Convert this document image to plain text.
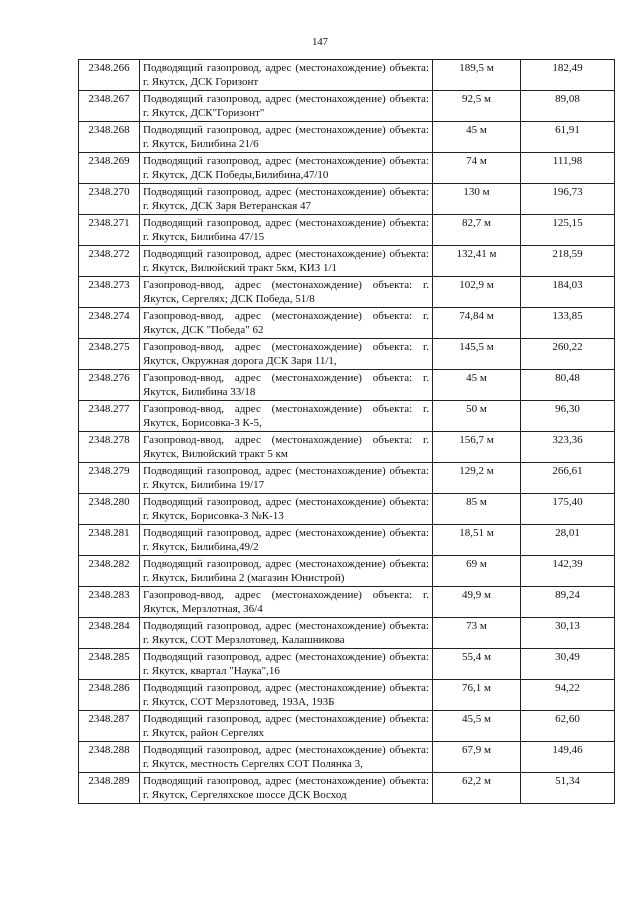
147
2348.266	Подводящий газопровод, адрес (местонахождение) объекта: г. Якутск, ДСК Горизонт	189,5 м	182,49
2348.267	Подводящий газопровод, адрес (местонахождение) объекта: г. Якутск, ДСК"Горизонт"	92,5 м	89,08
2348.268	Подводящий газопровод, адрес (местонахождение) объекта: г. Якутск, Билибина 21/6	45 м	61,91
2348.269	Подводящий газопровод, адрес (местонахождение) объекта: г. Якутск, ДСК Победы,Билибина,47/10	74 м	111,98
2348.270	Подводящий газопровод, адрес (местонахождение) объекта: г. Якутск, ДСК Заря Ветеранская 47	130 м	196,73
2348.271	Подводящий газопровод, адрес (местонахождение) объекта: г. Якутск, Билибина 47/15	82,7 м	125,15
2348.272	Подводящий газопровод, адрес (местонахождение) объекта: г. Якутск, Вилюйский тракт 5км, КИЗ 1/1	132,41 м	218,59
2348.273	Газопровод-ввод, адрес (местонахождение) объекта: г. Якутск, Сергелях; ДСК Победа, 51/8	102,9 м	184,03
2348.274	Газопровод-ввод, адрес (местонахождение) объекта: г. Якутск, ДСК "Победа" 62	74,84 м	133,85
2348.275	Газопровод-ввод, адрес (местонахождение) объекта: г. Якутск, Окружная дорога ДСК Заря 11/1,	145,5 м	260,22
2348.276	Газопровод-ввод, адрес (местонахождение) объекта: г. Якутск, Билибина 33/18	45 м	80,48
2348.277	Газопровод-ввод, адрес (местонахождение) объекта: г. Якутск, Борисовка-3 К-5,	50 м	96,30
2348.278	Газопровод-ввод, адрес (местонахождение) объекта: г. Якутск, Вилюйский тракт 5 км	156,7 м	323,36
2348.279	Подводящий газопровод, адрес (местонахождение) объекта: г. Якутск, Билибина 19/17	129,2 м	266,61
2348.280	Подводящий газопровод, адрес (местонахождение) объекта: г. Якутск, Борисовка-3 №К-13	85 м	175,40
2348.281	Подводящий газопровод, адрес (местонахождение) объекта: г. Якутск, Билибина,49/2	18,51 м	28,01
2348.282	Подводящий газопровод, адрес (местонахождение) объекта: г. Якутск, Билибина 2 (магазин Юнистрой)	69 м	142,39
2348.283	Газопровод-ввод, адрес (местонахождение) объекта: г. Якутск, Мерзлотная, 36/4	49,9 м	89,24
2348.284	Подводящий газопровод, адрес (местонахождение) объекта: г. Якутск, СОТ Мерзлотовед, Калашникова	73 м	30,13
2348.285	Подводящий газопровод, адрес (местонахождение) объекта: г. Якутск, квартал "Наука",16	55,4 м	30,49
2348.286	Подводящий газопровод, адрес (местонахождение) объекта: г. Якутск, СОТ Мерзлотовед, 193А, 193Б	76,1 м	94,22
2348.287	Подводящий газопровод, адрес (местонахождение) объекта: г. Якутск, район Сергелях	45,5 м	62,60
2348.288	Подводящий газопровод, адрес (местонахождение) объекта: г. Якутск, местность Сергелях СОТ Полянка 3,	67,9 м	149,46
2348.289	Подводящий газопровод, адрес (местонахождение) объекта: г. Якутск, Сергеляхское шоссе ДСК Восход	62,2 м	51,34
